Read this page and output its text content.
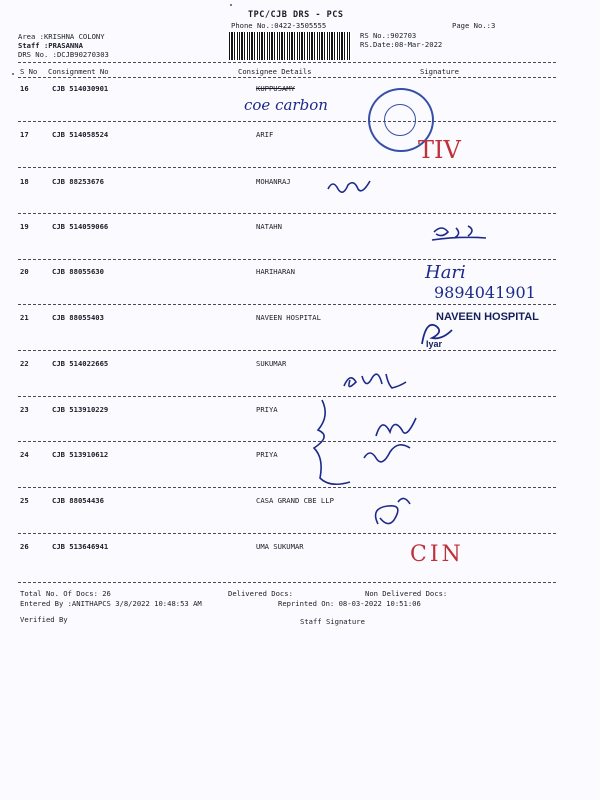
TPC/CJB DRS - PCS
Phone No.:0422-3505555	Page No.:3
Area :KRISHNA COLONY
Staff :PRASANNA
DRS No. :DCJB90270303
RS No.:902703
RS.Date:08-Mar-2022
S No Consignment No	Consignee Details	Signature
16	CJB 514030901	KUPPUSAMY
17	CJB 514058524	ARIF
18	CJB 88253676	MOHANRAJ
19	CJB 514059066	NATAHN
20	CJB 88055630	HARIHARAN
21	CJB 88055403	NAVEEN HOSPITAL
22	CJB 514022665	SUKUMAR
23	CJB 513910229	PRIYA
24	CJB 513910612	PRIYA
25	CJB 88054436	CASA GRAND CBE LLP
26	CJB 513646941	UMA SUKUMAR
coe carbon
TIV
Hari
9894041901
NAVEEN HOSPITAL
Iyar
CIN
Total No. Of Docs: 26	Delivered Docs:	Non Delivered Docs:
Entered By :ANITHAPCS 3/8/2022 10:48:53 AM	Reprinted On: 08-03-2022 10:51:06
Verified By	Staff Signature
